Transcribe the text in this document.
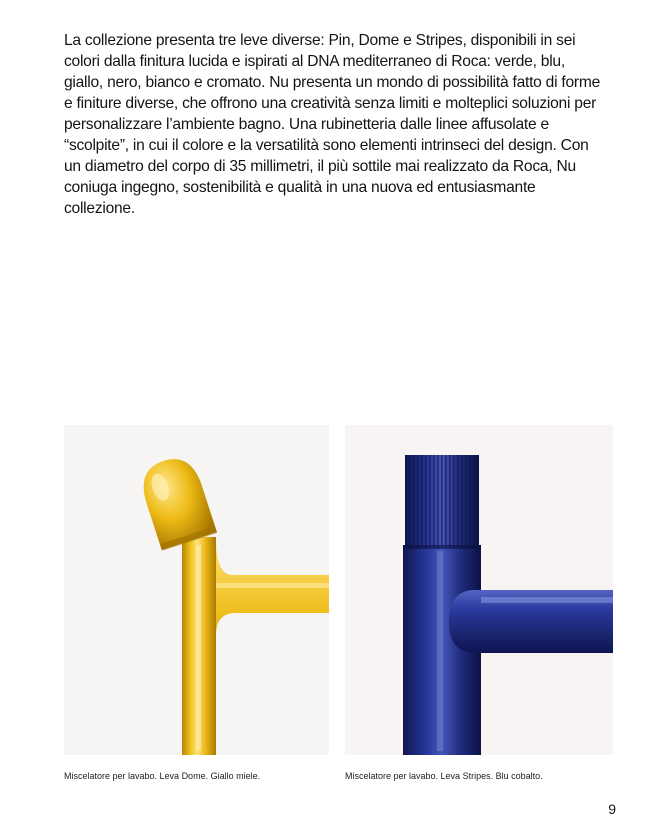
La collezione presenta tre leve diverse: Pin, Dome e Stripes, disponibili in sei colori dalla finitura lucida e ispirati al DNA mediterraneo di Roca: verde, blu, giallo, nero, bianco e cromato. Nu presenta un mondo di possibilità fatto di forme e finiture diverse, che offrono una creatività senza limiti e molteplici soluzioni per personalizzare l’ambiente bagno. Una rubinetteria dalle linee affusolate e “scolpite”, in cui il colore e la versatilità sono elementi intrinseci del design. Con un diametro del corpo di 35 millimetri, il più sottile mai realizzato da Roca, Nu coniuga ingegno, sostenibilità e qualità in una nuova ed entusiasmante collezione.

Miscelatore per lavabo. Leva Dome. Giallo miele.	Miscelatore per lavabo. Leva Stripes. Blu cobalto.
9
